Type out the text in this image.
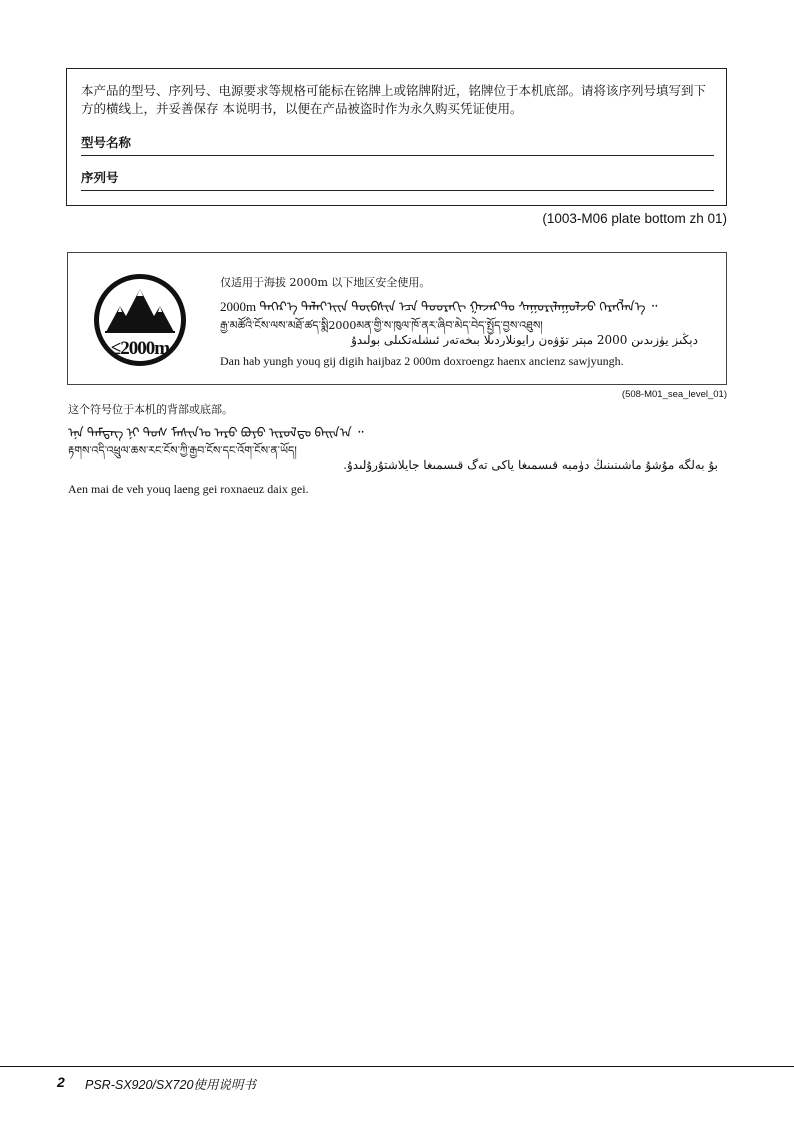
本产品的型号、序列号、电源要求等规格可能标在铭牌上或铭牌附近，铭牌位于本机底部。请将该序列号填写到下方的横线上，并妥善保存 本说明书，以便在产品被盗时作为永久购买凭证使用。
型号名称
序列号
(1003-M06 plate bottom zh 01)
≤2000m
仅适用于海拔 2000m 以下地区安全使用。
2000m ᠳᠡᠭᠡᠷ᠎ᠡ ᠳᠠᠯᠠᠢ᠎ᠢᠢᠨ ᠲᠦᠪᠰᠢᠨ ᠡᠴᠡ ᠳᠣᠣᠷᠠᠬᠢ ᠭᠠᠵᠠᠷ᠎ᠲᠤ ᠰᠠᠭᠤᠷᠢᠯᠠᠭᠤᠯᠵᠤ ᠬᠡᠷᠡᠭᠯᠡᠨ᠎ᠡ ᠃
རྒྱ་མཚོའི་ངོས་ལས་མཐོ་ཚད་སྨི2000མན་གྱི་ས་ཁུལ་ཁོ་ནར་ཞིབ་མེད་བེད་སྤྱོད་བྱས་འཐུས།
دېڭىز يۈزىدىن 2000 مېتر تۆۋەن رايونلاردىلا بىخەتەر ئىشلەتكىلى بولىدۇ
Dan hab yungh youq gij digih haijbaz 2 000m doxroengz haenx ancienz sawjyungh.
(508-M01_sea_level_01)
这个符号位于本机的背部或底部。
ᠡᠨᠡ ᠲᠡᠮᠳᠡᠭ ᠨᠢ ᠲᠤᠰ ᠮᠠᠰᠢᠨ᠎ᠤ ᠠᠷᠤ ᠪᠤᠶᠤ ᠢᠷᠤᠯ᠎ᠳᠤ ᠪᠠᠢᠨ᠎ᠠ ᠃
རྟགས་འདི་འཕྲུལ་ཆས་རང་ངོས་ཀྱི་རྒྱབ་ངོས་དང་འོག་ངོས་ན་ཡོད།
بۇ بەلگە مۇشۇ ماشىنىنىڭ دۈمبە قىسمىغا ياكى تەگ قىسمىغا جايلاشتۇرۇلىدۇ.
Aen mai de veh youq laeng gei roxnaeuz daix gei.
2 PSR-SX920/SX720使用说明书
